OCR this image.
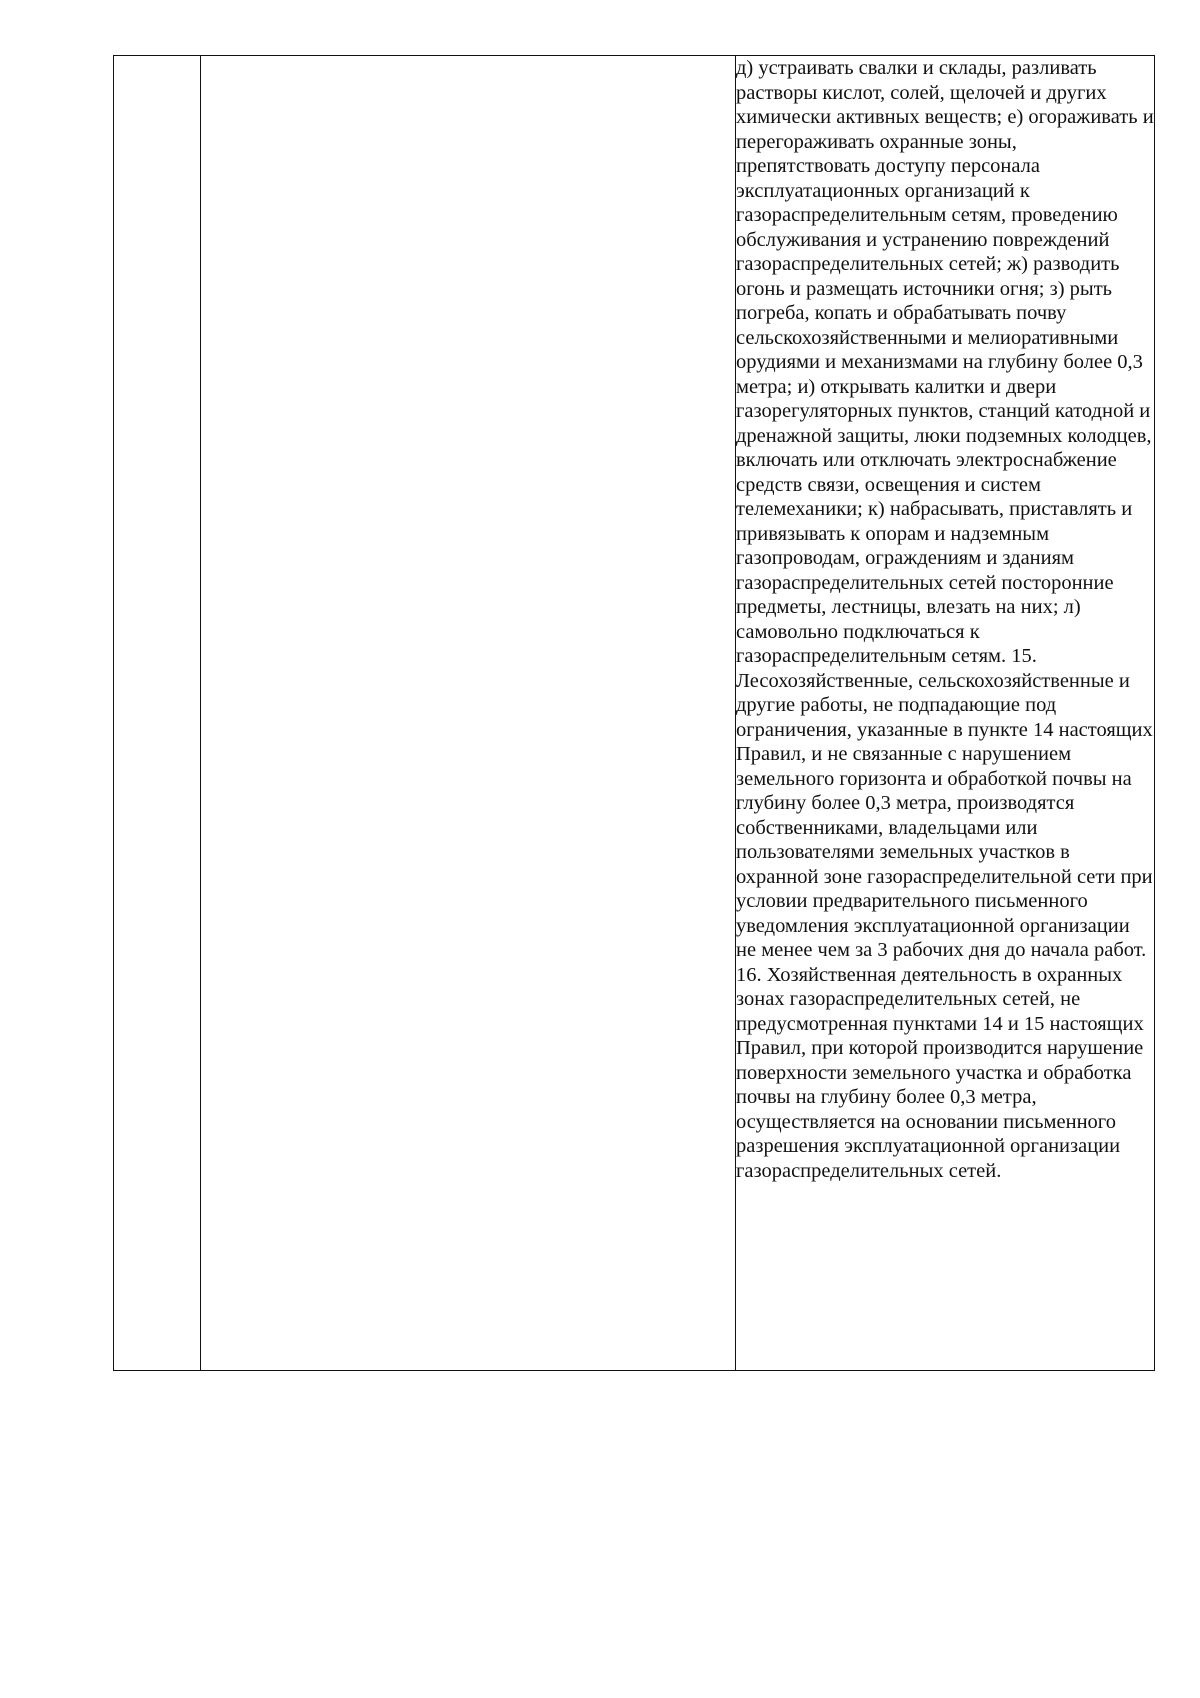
д) устраивать свалки и склады, разливать растворы кислот, солей, щелочей и других химически активных веществ; е) огораживать и перегораживать охранные зоны, препятствовать доступу персонала эксплуатационных организаций к газораспределительным сетям, проведению обслуживания и устранению повреждений газораспределительных сетей; ж) разводить огонь и размещать источники огня; з) рыть погреба, копать и обрабатывать почву сельскохозяйственными и мелиоративными орудиями и механизмами на глубину более 0,3 метра; и) открывать калитки и двери газорегуляторных пунктов, станций катодной и дренажной защиты, люки подземных колодцев, включать или отключать электроснабжение средств связи, освещения и систем телемеханики; к) набрасывать, приставлять и привязывать к опорам и надземным газопроводам, ограждениям и зданиям газораспределительных сетей посторонние предметы, лестницы, влезать на них; л) самовольно подключаться к газораспределительным сетям. 15. Лесохозяйственные, сельскохозяйственные и другие работы, не подпадающие под ограничения, указанные в пункте 14 настоящих Правил, и не связанные с нарушением земельного горизонта и обработкой почвы на глубину более 0,3 метра, производятся собственниками, владельцами или пользователями земельных участков в охранной зоне газораспределительной сети при условии предварительного письменного уведомления эксплуатационной организации не менее чем за 3 рабочих дня до начала работ. 16. Хозяйственная деятельность в охранных зонах газораспределительных сетей, не предусмотренная пунктами 14 и 15 настоящих Правил, при которой производится нарушение поверхности земельного участка и обработка почвы на глубину более 0,3 метра, осуществляется на основании письменного разрешения эксплуатационной организации газораспределительных сетей.
